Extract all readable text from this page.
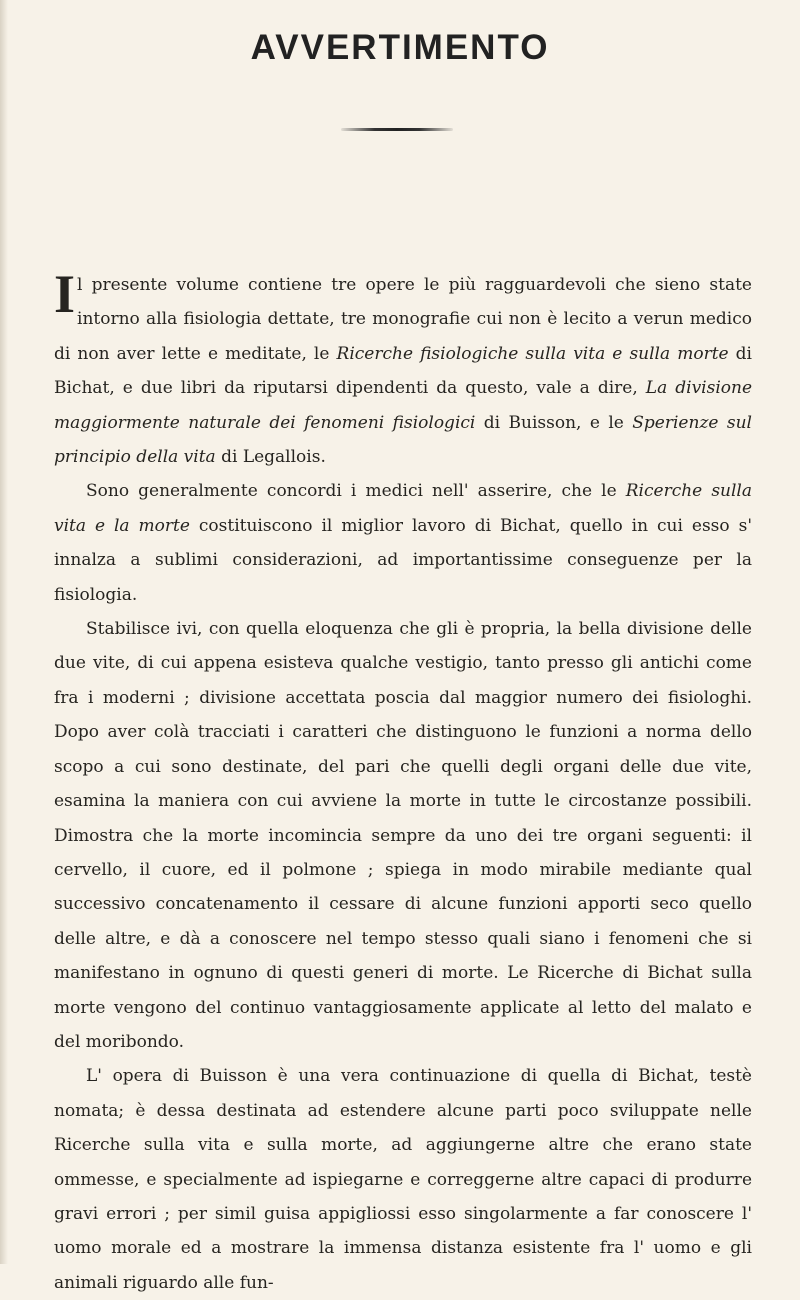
AVVERTIMENTO

Il presente volume contiene tre opere le più ragguardevoli che sieno state intorno alla fisiologia dettate, tre monografie cui non è lecito a verun medico di non aver lette e meditate, le Ricerche fisiologiche sulla vita e sulla morte di Bichat, e due libri da riputarsi dipendenti da questo, vale a dire, La divisione maggiormente naturale dei fenomeni fisiologici di Buisson, e le Sperienze sul principio della vita di Legallois.

Sono generalmente concordi i medici nell' asserire, che le Ricerche sulla vita e la morte costituiscono il miglior lavoro di Bichat, quello in cui esso s' innalza a sublimi considerazioni, ad importantissime conseguenze per la fisiologia.

Stabilisce ivi, con quella eloquenza che gli è propria, la bella divisione delle due vite, di cui appena esisteva qualche vestigio, tanto presso gli antichi come fra i moderni ; divisione accettata poscia dal maggior numero dei fisiologhi. Dopo aver colà tracciati i caratteri che distinguono le funzioni a norma dello scopo a cui sono destinate, del pari che quelli degli organi delle due vite, esamina la maniera con cui avviene la morte in tutte le circostanze possibili. Dimostra che la morte incomincia sempre da uno dei tre organi seguenti: il cervello, il cuore, ed il polmone ; spiega in modo mirabile mediante qual successivo concatenamento il cessare di alcune funzioni apporti seco quello delle altre, e dà a conoscere nel tempo stesso quali siano i fenomeni che si manifestano in ognuno di questi generi di morte. Le Ricerche di Bichat sulla morte vengono del continuo vantaggiosamente applicate al letto del malato e del moribondo.

L' opera di Buisson è una vera continuazione di quella di Bichat, testè nomata; è dessa destinata ad estendere alcune parti poco sviluppate nelle Ricerche sulla vita e sulla morte, ad aggiungerne altre che erano state ommesse, e specialmente ad ispiegarne e correggerne altre capaci di produrre gravi errori ; per simil guisa appigliossi esso singolarmente a far conoscere l' uomo morale ed a mostrare la immensa distanza esistente fra l' uomo e gli animali riguardo alle fun-
